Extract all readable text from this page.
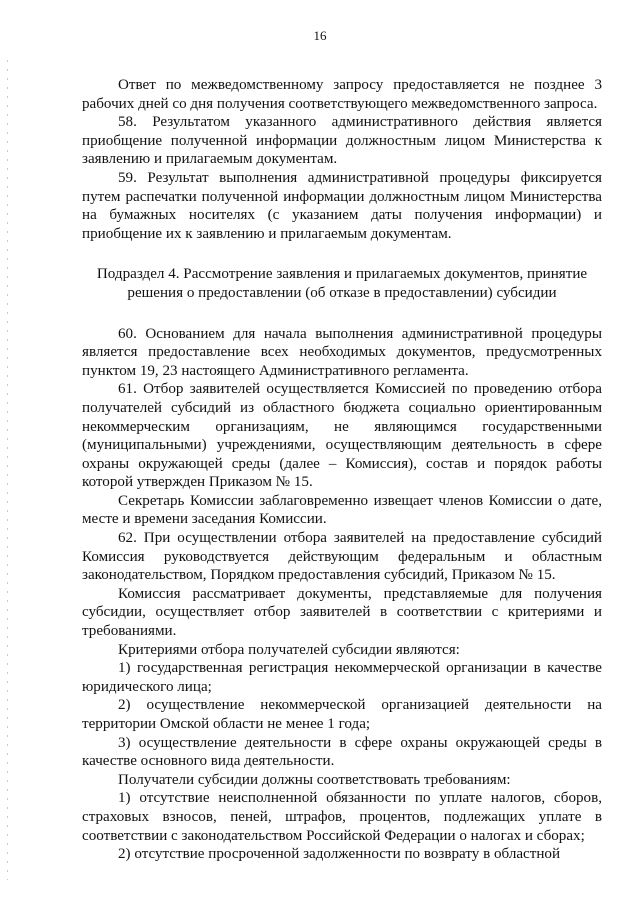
16

Ответ по межведомственному запросу предоставляется не позднее 3 рабочих дней со дня получения соответствующего межведомственного запроса.

58. Результатом указанного административного действия является приобщение полученной информации должностным лицом Министерства к заявлению и прилагаемым документам.

59. Результат выполнения административной процедуры фиксируется путем распечатки полученной информации должностным лицом Министерства на бумажных носителях (с указанием даты получения информации) и приобщение их к заявлению и прилагаемым документам.

Подраздел 4. Рассмотрение заявления и прилагаемых документов, принятие решения о предоставлении (об отказе в предоставлении) субсидии

60. Основанием для начала выполнения административной процедуры является предоставление всех необходимых документов, предусмотренных пунктом 19, 23 настоящего Административного регламента.

61. Отбор заявителей осуществляется Комиссией по проведению отбора получателей субсидий из областного бюджета социально ориентированным некоммерческим организациям, не являющимся государственными (муниципальными) учреждениями, осуществляющим деятельность в сфере охраны окружающей среды (далее – Комиссия), состав и порядок работы которой утвержден Приказом № 15.

Секретарь Комиссии заблаговременно извещает членов Комиссии о дате, месте и времени заседания Комиссии.

62. При осуществлении отбора заявителей на предоставление субсидий Комиссия руководствуется действующим федеральным и областным законодательством, Порядком предоставления субсидий, Приказом № 15.

Комиссия рассматривает документы, представляемые для получения субсидии, осуществляет отбор заявителей в соответствии с критериями и требованиями.

Критериями отбора получателей субсидии являются:

1) государственная регистрация некоммерческой организации в качестве юридического лица;

2) осуществление некоммерческой организацией деятельности на территории Омской области не менее 1 года;

3) осуществление деятельности в сфере охраны окружающей среды в качестве основного вида деятельности.

Получатели субсидии должны соответствовать требованиям:

1) отсутствие неисполненной обязанности по уплате налогов, сборов, страховых взносов, пеней, штрафов, процентов, подлежащих уплате в соответствии с законодательством Российской Федерации о налогах и сборах;

2) отсутствие просроченной задолженности по возврату в областной
